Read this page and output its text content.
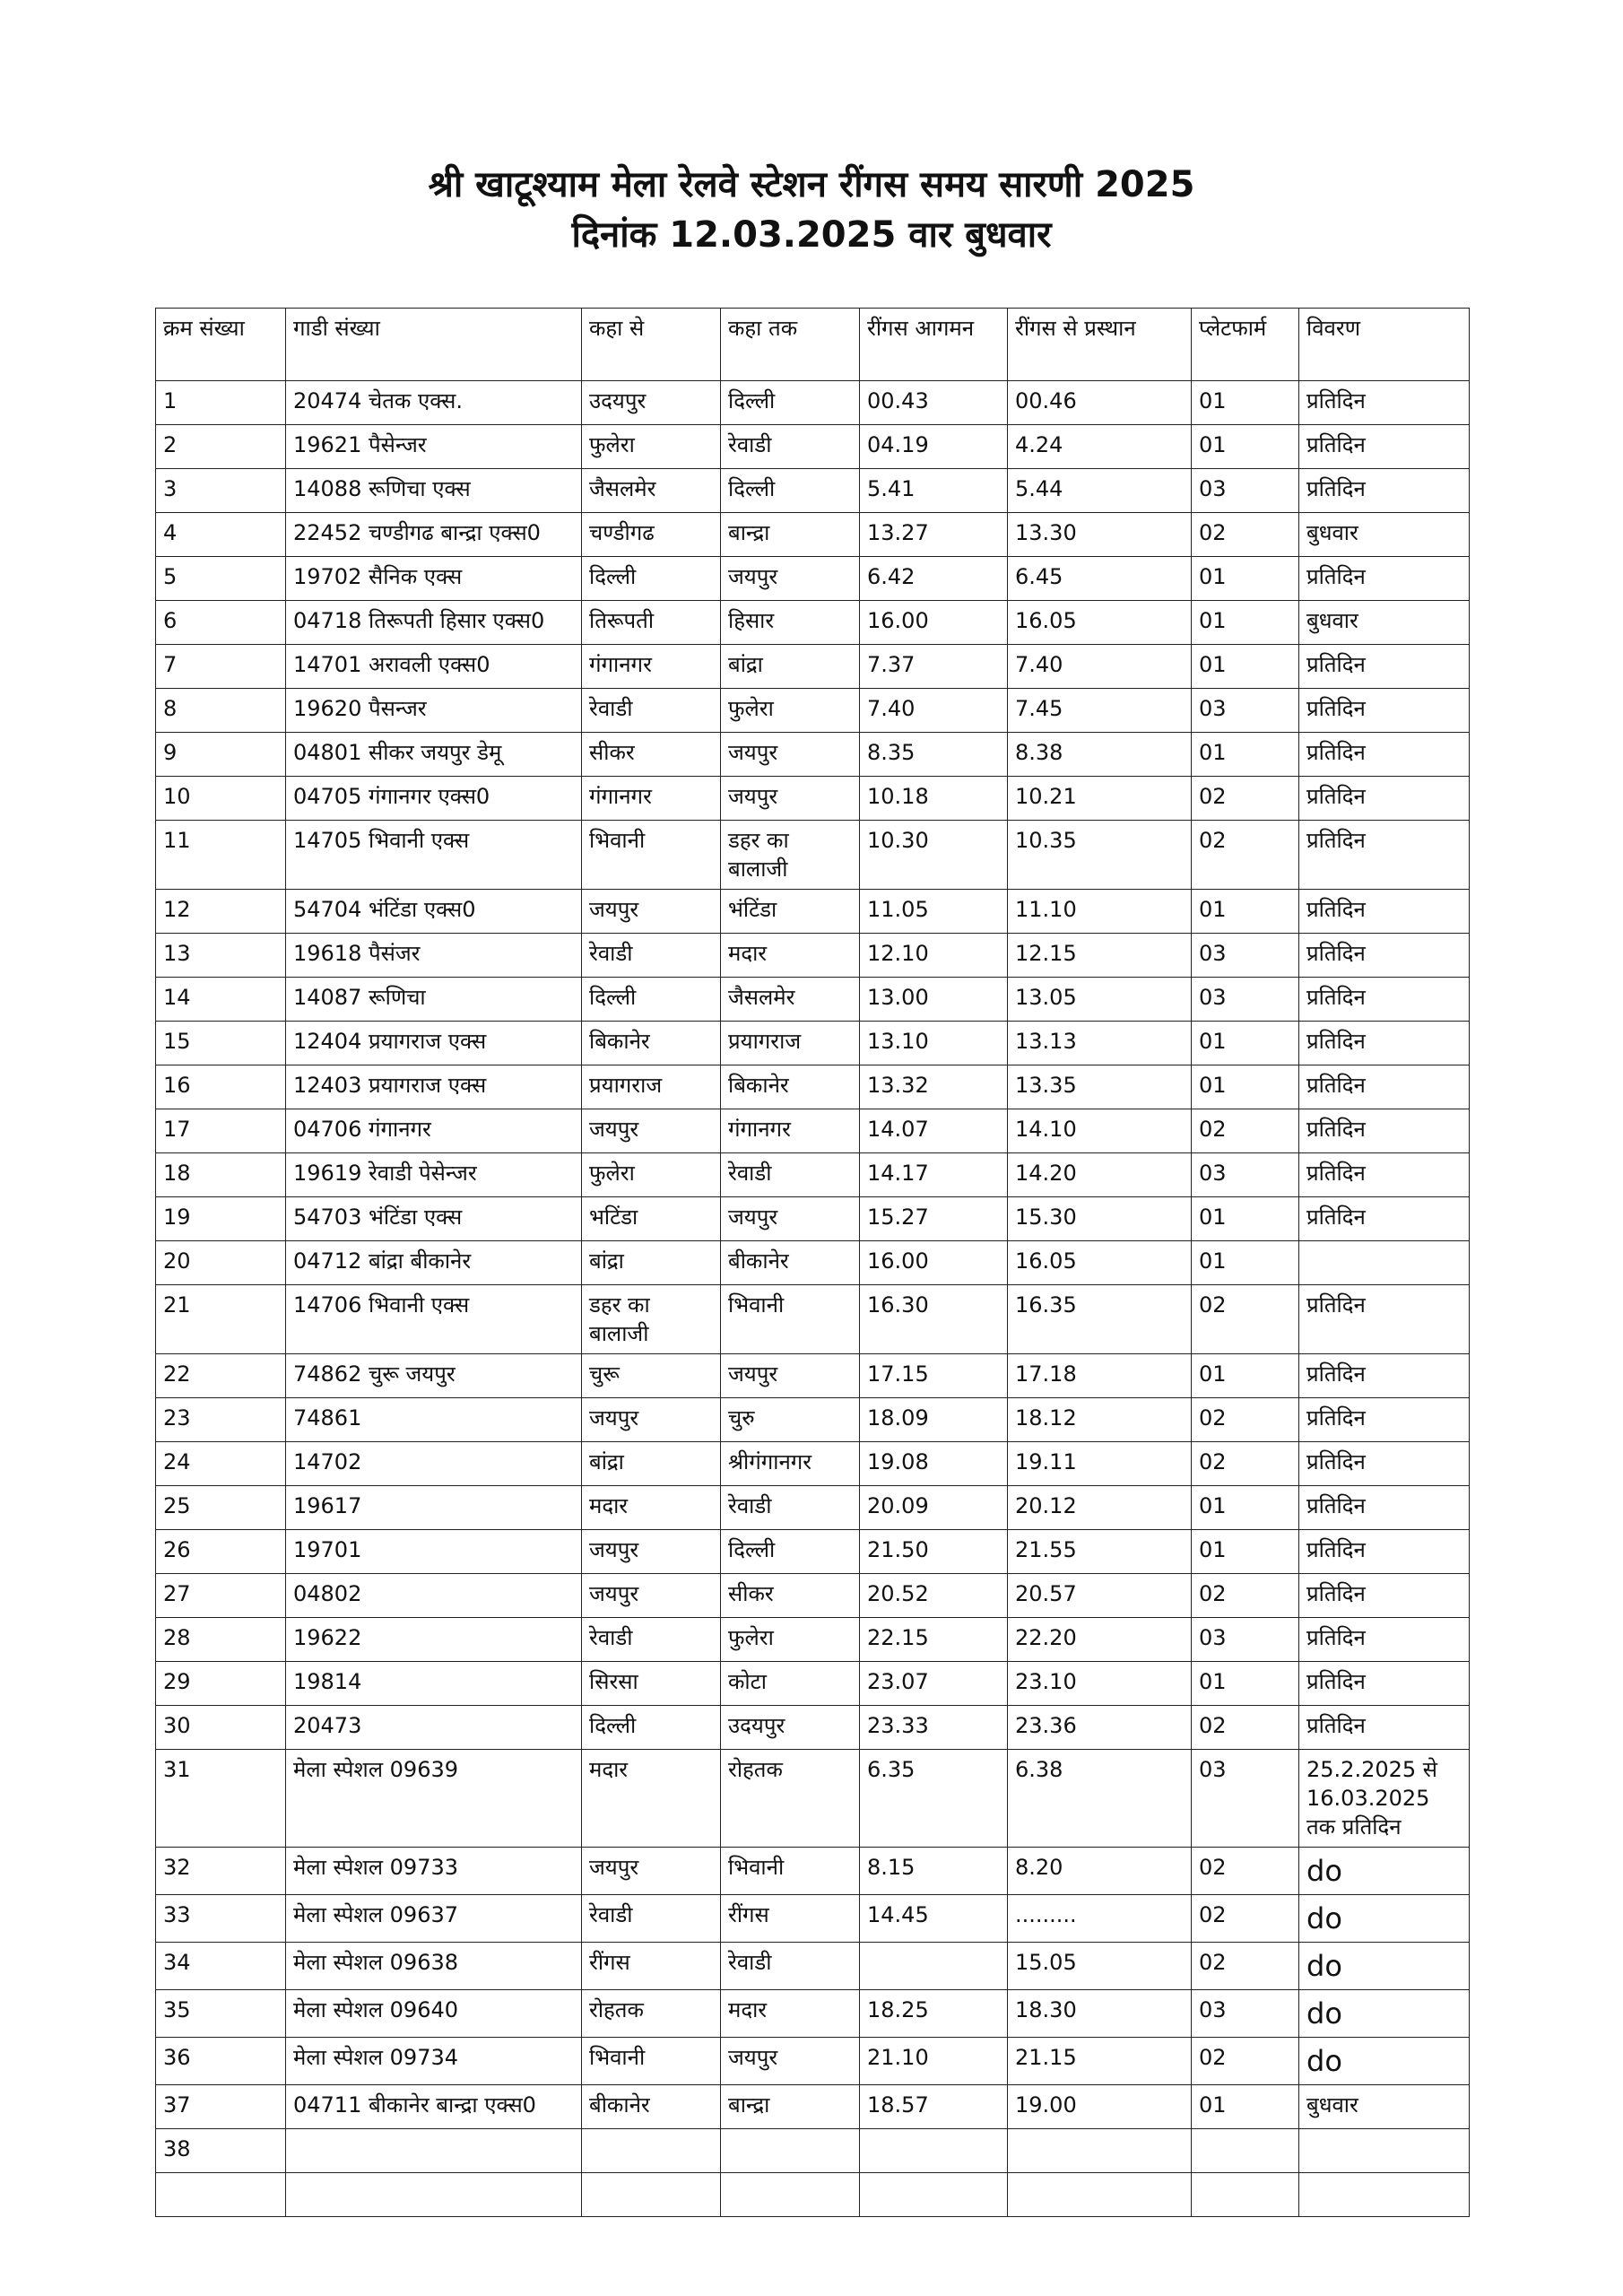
श्री खाटूश्याम मेला रेलवे स्टेशन रींगस समय सारणी 2025
दिनांक 12.03.2025 वार बुधवार
क्रम संख्या	गाडी संख्या	कहा से	कहा तक	रींगस आगमन	रींगस से प्रस्थान	प्लेटफार्म	विवरण
1	20474 चेतक एक्स.	उदयपुर	दिल्ली	00.43	00.46	01	प्रतिदिन
2	19621 पैसेन्जर	फुलेरा	रेवाडी	04.19	4.24	01	प्रतिदिन
3	14088 रूणिचा एक्स	जैसलमेर	दिल्ली	5.41	5.44	03	प्रतिदिन
4	22452 चण्डीगढ बान्द्रा एक्स0	चण्डीगढ	बान्द्रा	13.27	13.30	02	बुधवार
5	19702 सैनिक एक्स	दिल्ली	जयपुर	6.42	6.45	01	प्रतिदिन
6	04718 तिरूपती हिसार एक्स0	तिरूपती	हिसार	16.00	16.05	01	बुधवार
7	14701 अरावली एक्स0	गंगानगर	बांद्रा	7.37	7.40	01	प्रतिदिन
8	19620 पैसन्जर	रेवाडी	फुलेरा	7.40	7.45	03	प्रतिदिन
9	04801 सीकर जयपुर डेमू	सीकर	जयपुर	8.35	8.38	01	प्रतिदिन
10	04705 गंगानगर एक्स0	गंगानगर	जयपुर	10.18	10.21	02	प्रतिदिन
11	14705 भिवानी एक्स	भिवानी	डहर का बालाजी	10.30	10.35	02	प्रतिदिन
12	54704 भंटिंडा एक्स0	जयपुर	भंटिंडा	11.05	11.10	01	प्रतिदिन
13	19618 पैसंजर	रेवाडी	मदार	12.10	12.15	03	प्रतिदिन
14	14087 रूणिचा	दिल्ली	जैसलमेर	13.00	13.05	03	प्रतिदिन
15	12404 प्रयागराज एक्स	बिकानेर	प्रयागराज	13.10	13.13	01	प्रतिदिन
16	12403 प्रयागराज एक्स	प्रयागराज	बिकानेर	13.32	13.35	01	प्रतिदिन
17	04706 गंगानगर	जयपुर	गंगानगर	14.07	14.10	02	प्रतिदिन
18	19619 रेवाडी पेसेन्जर	फुलेरा	रेवाडी	14.17	14.20	03	प्रतिदिन
19	54703 भंटिंडा एक्स	भटिंडा	जयपुर	15.27	15.30	01	प्रतिदिन
20	04712 बांद्रा बीकानेर	बांद्रा	बीकानेर	16.00	16.05	01	
21	14706 भिवानी एक्स	डहर का बालाजी	भिवानी	16.30	16.35	02	प्रतिदिन
22	74862 चुरू जयपुर	चुरू	जयपुर	17.15	17.18	01	प्रतिदिन
23	74861	जयपुर	चुरु	18.09	18.12	02	प्रतिदिन
24	14702	बांद्रा	श्रीगंगानगर	19.08	19.11	02	प्रतिदिन
25	19617	मदार	रेवाडी	20.09	20.12	01	प्रतिदिन
26	19701	जयपुर	दिल्ली	21.50	21.55	01	प्रतिदिन
27	04802	जयपुर	सीकर	20.52	20.57	02	प्रतिदिन
28	19622	रेवाडी	फुलेरा	22.15	22.20	03	प्रतिदिन
29	19814	सिरसा	कोटा	23.07	23.10	01	प्रतिदिन
30	20473	दिल्ली	उदयपुर	23.33	23.36	02	प्रतिदिन
31	मेला स्पेशल 09639	मदार	रोहतक	6.35	6.38	03	25.2.2025 से 16.03.2025 तक प्रतिदिन
32	मेला स्पेशल 09733	जयपुर	भिवानी	8.15	8.20	02	do
33	मेला स्पेशल 09637	रेवाडी	रींगस	14.45	.........	02	do
34	मेला स्पेशल 09638	रींगस	रेवाडी		15.05	02	do
35	मेला स्पेशल 09640	रोहतक	मदार	18.25	18.30	03	do
36	मेला स्पेशल 09734	भिवानी	जयपुर	21.10	21.15	02	do
37	04711 बीकानेर बान्द्रा एक्स0	बीकानेर	बान्द्रा	18.57	19.00	01	बुधवार
38							
